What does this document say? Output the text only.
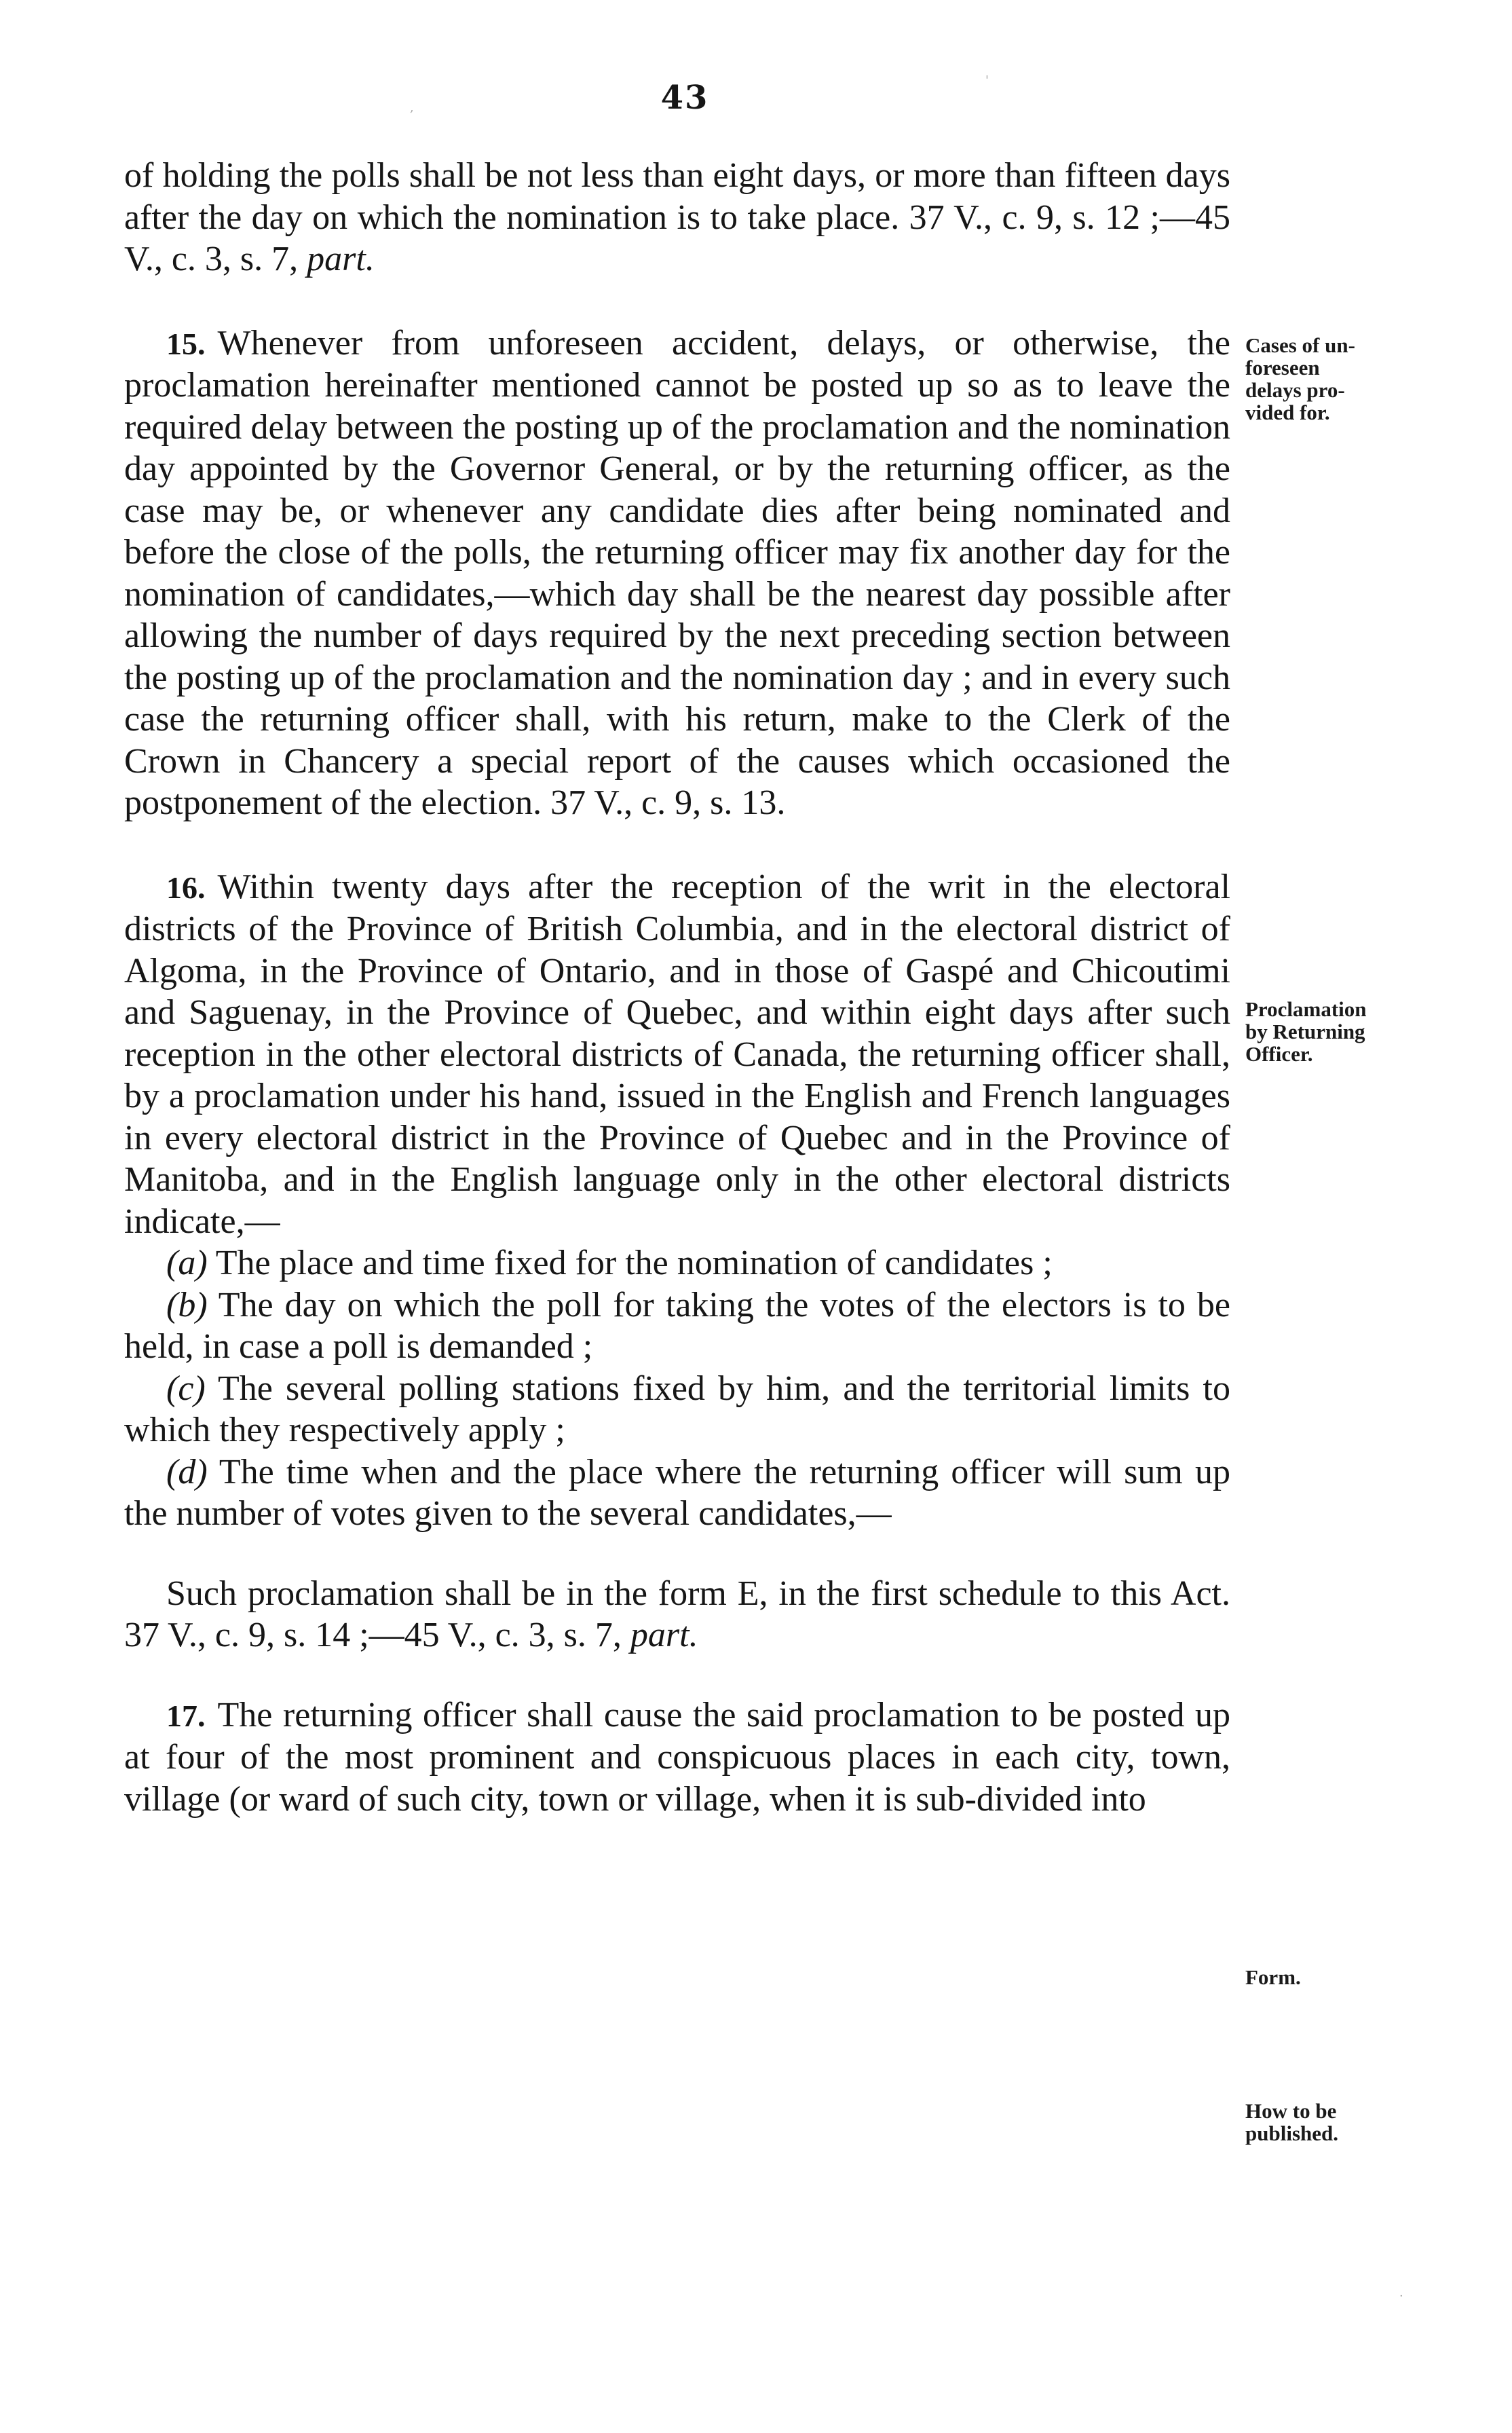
43

of holding the polls shall be not less than eight days, or more than fifteen days after the day on which the nomination is to take place. 37 V., c. 9, s. 12 ;—45 V., c. 3, s. 7, part.

15. Whenever from unforeseen accident, delays, or otherwise, the proclamation hereinafter mentioned cannot be posted up so as to leave the required delay between the posting up of the proclamation and the nomination day appointed by the Governor General, or by the returning officer, as the case may be, or whenever any candidate dies after being nominated and before the close of the polls, the returning officer may fix another day for the nomination of candidates,—which day shall be the nearest day possible after allowing the number of days required by the next preceding section between the posting up of the proclamation and the nomination day ; and in every such case the returning officer shall, with his return, make to the Clerk of the Crown in Chancery a special report of the causes which occasioned the postponement of the election. 37 V., c. 9, s. 13.

16. Within twenty days after the reception of the writ in the electoral districts of the Province of British Columbia, and in the electoral district of Algoma, in the Province of Ontario, and in those of Gaspé and Chicoutimi and Saguenay, in the Province of Quebec, and within eight days after such reception in the other electoral districts of Canada, the returning officer shall, by a proclamation under his hand, issued in the English and French languages in every electoral district in the Province of Quebec and in the Province of Manitoba, and in the English language only in the other electoral districts indicate,—

(a) The place and time fixed for the nomination of candidates ;

(b) The day on which the poll for taking the votes of the electors is to be held, in case a poll is demanded ;

(c) The several polling stations fixed by him, and the territorial limits to which they respectively apply ;

(d) The time when and the place where the returning officer will sum up the number of votes given to the several candidates,—

Such proclamation shall be in the form E, in the first schedule to this Act. 37 V., c. 9, s. 14 ;—45 V., c. 3, s. 7, part.

17. The returning officer shall cause the said proclamation to be posted up at four of the most prominent and conspicuous places in each city, town, village (or ward of such city, town or village, when it is sub-divided into

Cases of un-
foreseen
delays pro-
vided for.
Proclamation
by Returning
Officer.
Form.
How to be
published.
,
'
·
